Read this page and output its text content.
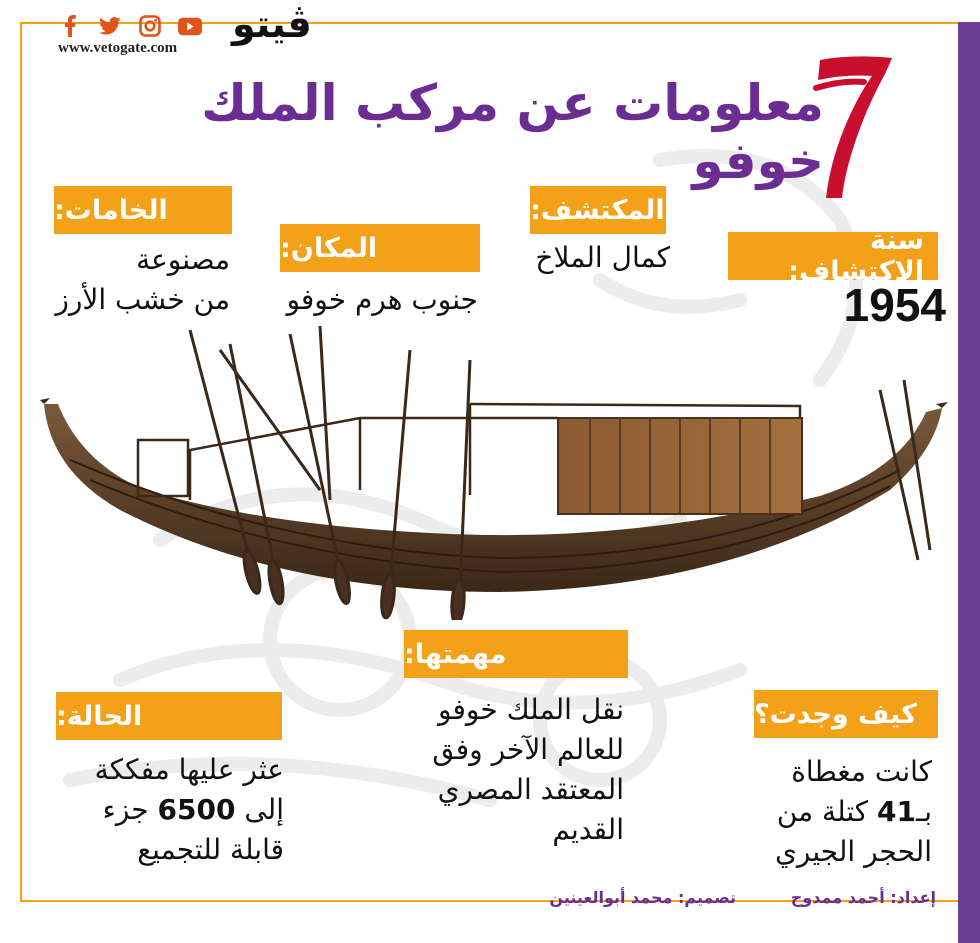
www.vetogate.com
ڤيتو
معلومات عن مركب الملك خوفو
سنة الاكتشاف:
1954
المكتشف:
كمال الملاخ
المكان:
جنوب هرم خوفو
الخامات:
مصنوعة
من خشب الأرز
مهمتها:
نقل الملك خوفو
للعالم الآخر وفق
المعتقد المصري
القديم
الحالة:
عثر عليها مفككة
إلى 6500 جزء
قابلة للتجميع
كيف وجدت؟
كانت مغطاة
بـ41 كتلة من
الحجر الجيري
إعداد: أحمد ممدوح
تصميم: محمد أبوالعينين
